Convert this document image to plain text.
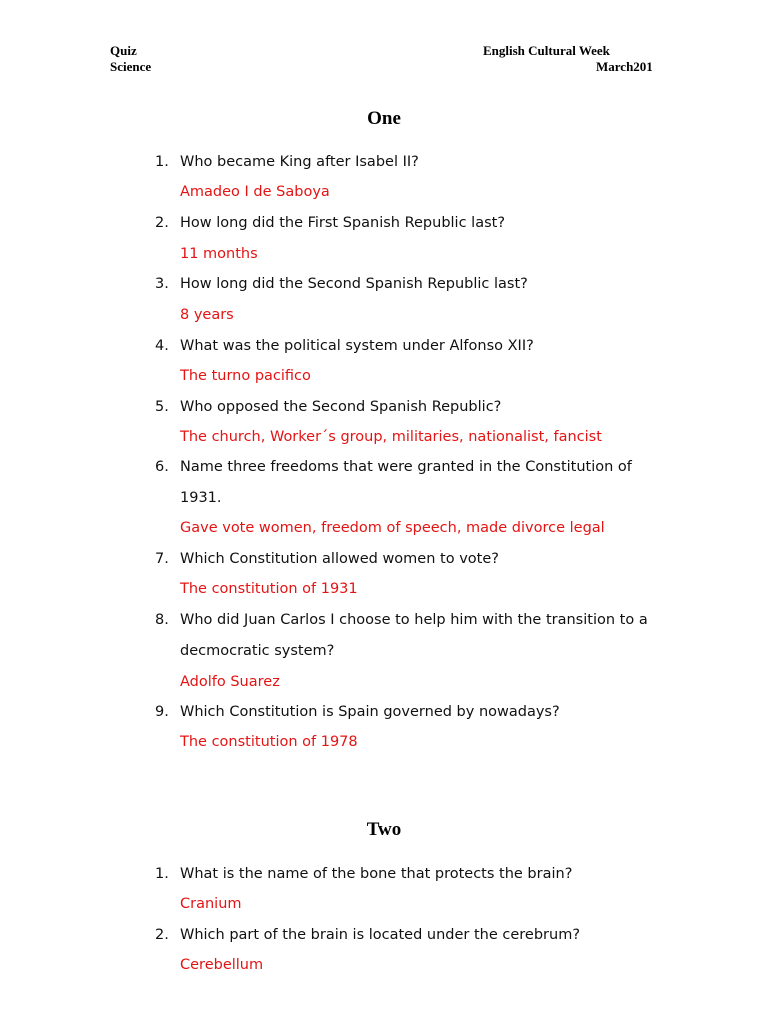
Quiz
Science
English Cultural Week
March201
One
1. Who became King after Isabel II?
Amadeo I de Saboya
2. How long did the First Spanish Republic last?
11 months
3. How long did the Second Spanish Republic last?
8 years
4. What was the political system under Alfonso XII?
The turno pacifico
5. Who opposed the Second Spanish Republic?
The church, Worker´s group, militaries, nationalist, fancist
6. Name three freedoms that were granted in the Constitution of
1931.
Gave vote women, freedom of speech, made divorce legal
7. Which Constitution allowed women to vote?
The constitution of 1931
8. Who did Juan Carlos I choose to help him with the transition to a
decmocratic system?
Adolfo Suarez
9. Which Constitution is Spain governed by nowadays?
The constitution of 1978
Two
1. What is the name of the bone that protects the brain?
Cranium
2. Which part of the brain is located under the cerebrum?
Cerebellum
